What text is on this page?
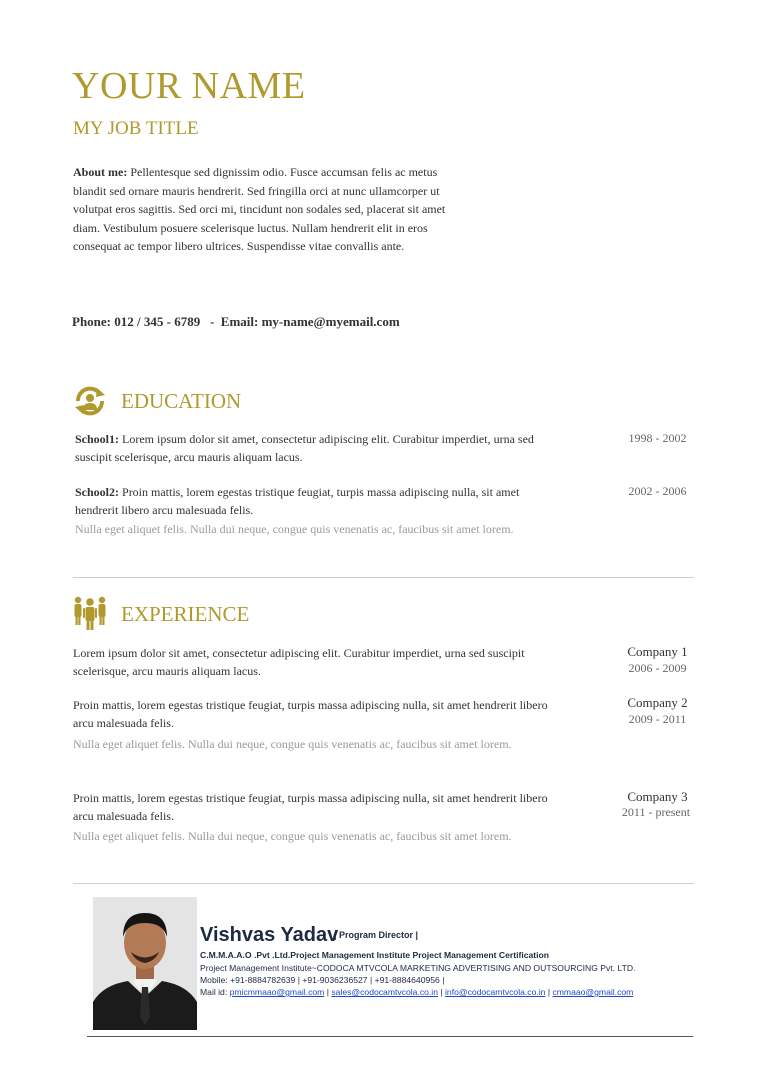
YOUR NAME
MY JOB TITLE
About me: Pellentesque sed dignissim odio. Fusce accumsan felis ac metus blandit sed ornare mauris hendrerit. Sed fringilla orci at nunc ullamcorper ut volutpat eros sagittis. Sed orci mi, tincidunt non sodales sed, placerat sit amet diam. Vestibulum posuere scelerisque luctus. Nullam hendrerit elit in eros consequat ac tempor libero ultrices. Suspendisse vitae convallis ante.
Phone: 012 / 345 - 6789   -  Email: my-name@myemail.com
EDUCATION
School1: Lorem ipsum dolor sit amet, consectetur adipiscing elit. Curabitur imperdiet, urna sed suscipit scelerisque, arcu mauris aliquam lacus.
1998 - 2002
School2: Proin mattis, lorem egestas tristique feugiat, turpis massa adipiscing nulla, sit amet hendrerit libero arcu malesuada felis.
Nulla eget aliquet felis. Nulla dui neque, congue quis venenatis ac, faucibus sit amet lorem.
2002 - 2006
EXPERIENCE
Lorem ipsum dolor sit amet, consectetur adipiscing elit. Curabitur imperdiet, urna sed suscipit scelerisque, arcu mauris aliquam lacus.
Company 1
2006 - 2009
Proin mattis, lorem egestas tristique feugiat, turpis massa adipiscing nulla, sit amet hendrerit libero arcu malesuada felis.
Nulla eget aliquet felis. Nulla dui neque, congue quis venenatis ac, faucibus sit amet lorem.
Company 2
2009 - 2011
Proin mattis, lorem egestas tristique feugiat, turpis massa adipiscing nulla, sit amet hendrerit libero arcu malesuada felis.
Nulla eget aliquet felis. Nulla dui neque, congue quis venenatis ac, faucibus sit amet lorem.
Company 3
2011 - present
Vishvas Yadav
| Program Director |
C.M.M.A.A.O .Pvt .Ltd.Project Management Institute Project Management Certification
Project Management Institute~CODOCA MTVCOLA MARKETING ADVERTISING AND OUTSOURCING Pvt. LTD.
Mobile: +91-8884782639 | +91-9036236527 | +91-8884640956 |
Mail id: pmicmmaao@gmail.com | sales@codocamtvcola.co.in | info@codocamtvcola.co.in | cmmaao@gmail.com
